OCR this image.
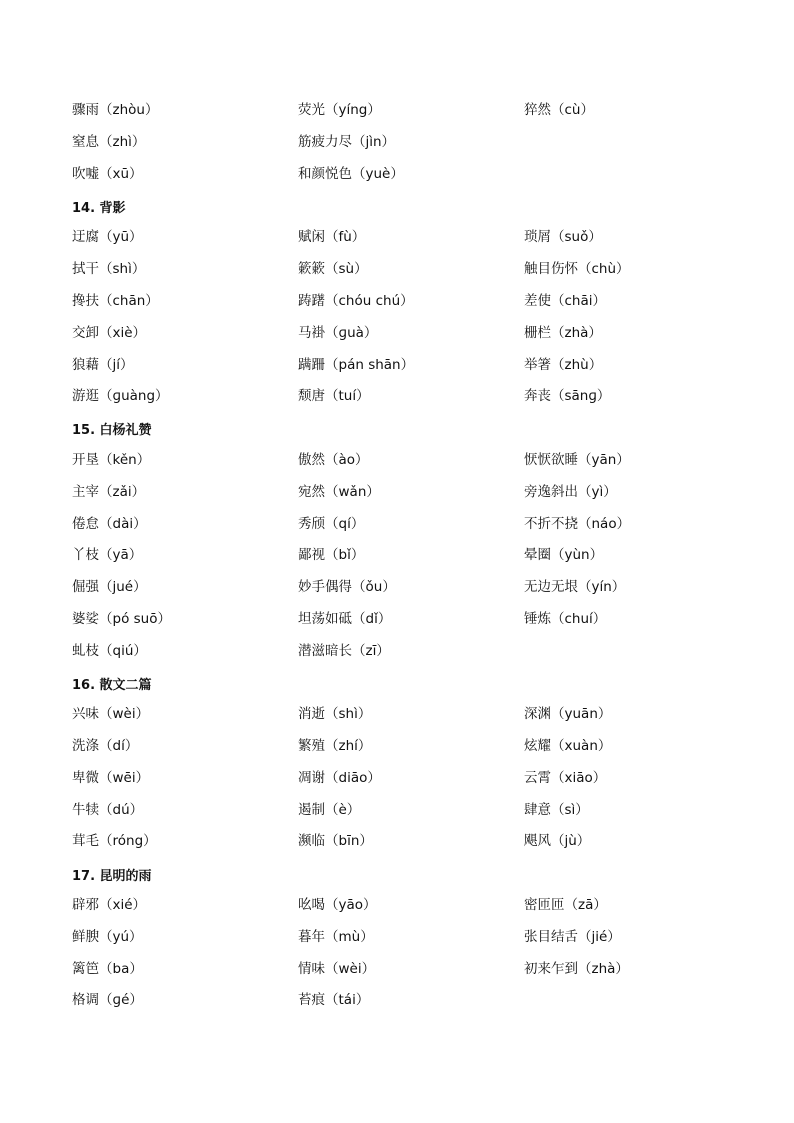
骤雨（zhòu）	荧光（yíng）	猝然（cù）
窒息（zhì）	筋疲力尽（jìn）
吹嘘（xū）	和颜悦色（yuè）
14. 背影
迂腐（yū）	赋闲（fù）	琐屑（suǒ）
拭干（shì）	簌簌（sù）	触目伤怀（chù）
搀扶（chān）	踌躇（chóu chú）	差使（chāi）
交卸（xiè）	马褂（ɡuà）	栅栏（zhà）
狼藉（jí）	蹒跚（pán shān）	举箸（zhù）
游逛（ɡuàng）	颓唐（tuí）	奔丧（sānɡ）
15. 白杨礼赞
开垦（kěn）	傲然（ào）	恹恹欲睡（yān）
主宰（zǎi）	宛然（wǎn）	旁逸斜出（yì）
倦怠（dài）	秀颀（qí）	不折不挠（náo）
丫枝（yā）	鄙视（bǐ）	晕圈（yùn）
倔强（jué）	妙手偶得（ǒu）	无边无垠（yín）
婆娑（pó suō）	坦荡如砥（dǐ）	锤炼（chuí）
虬枝（qiú）	潜滋暗长（zī）
16. 散文二篇
兴味（wèi）	消逝（shì）	深渊（yuān）
洗涤（dí）	繁殖（zhí）	炫耀（xuàn）
卑微（wēi）	凋谢（diāo）	云霄（xiāo）
牛犊（dú）	遏制（è）	肆意（sì）
茸毛（róng）	濒临（bīn）	飓风（jù）
17. 昆明的雨
辟邪（xié）	吆喝（yāo）	密匝匝（zā）
鲜腴（yú）	暮年（mù）	张目结舌（jié）
篱笆（ba）	情味（wèi）	初来乍到（zhà）
格调（ɡé）	苔痕（tái）
